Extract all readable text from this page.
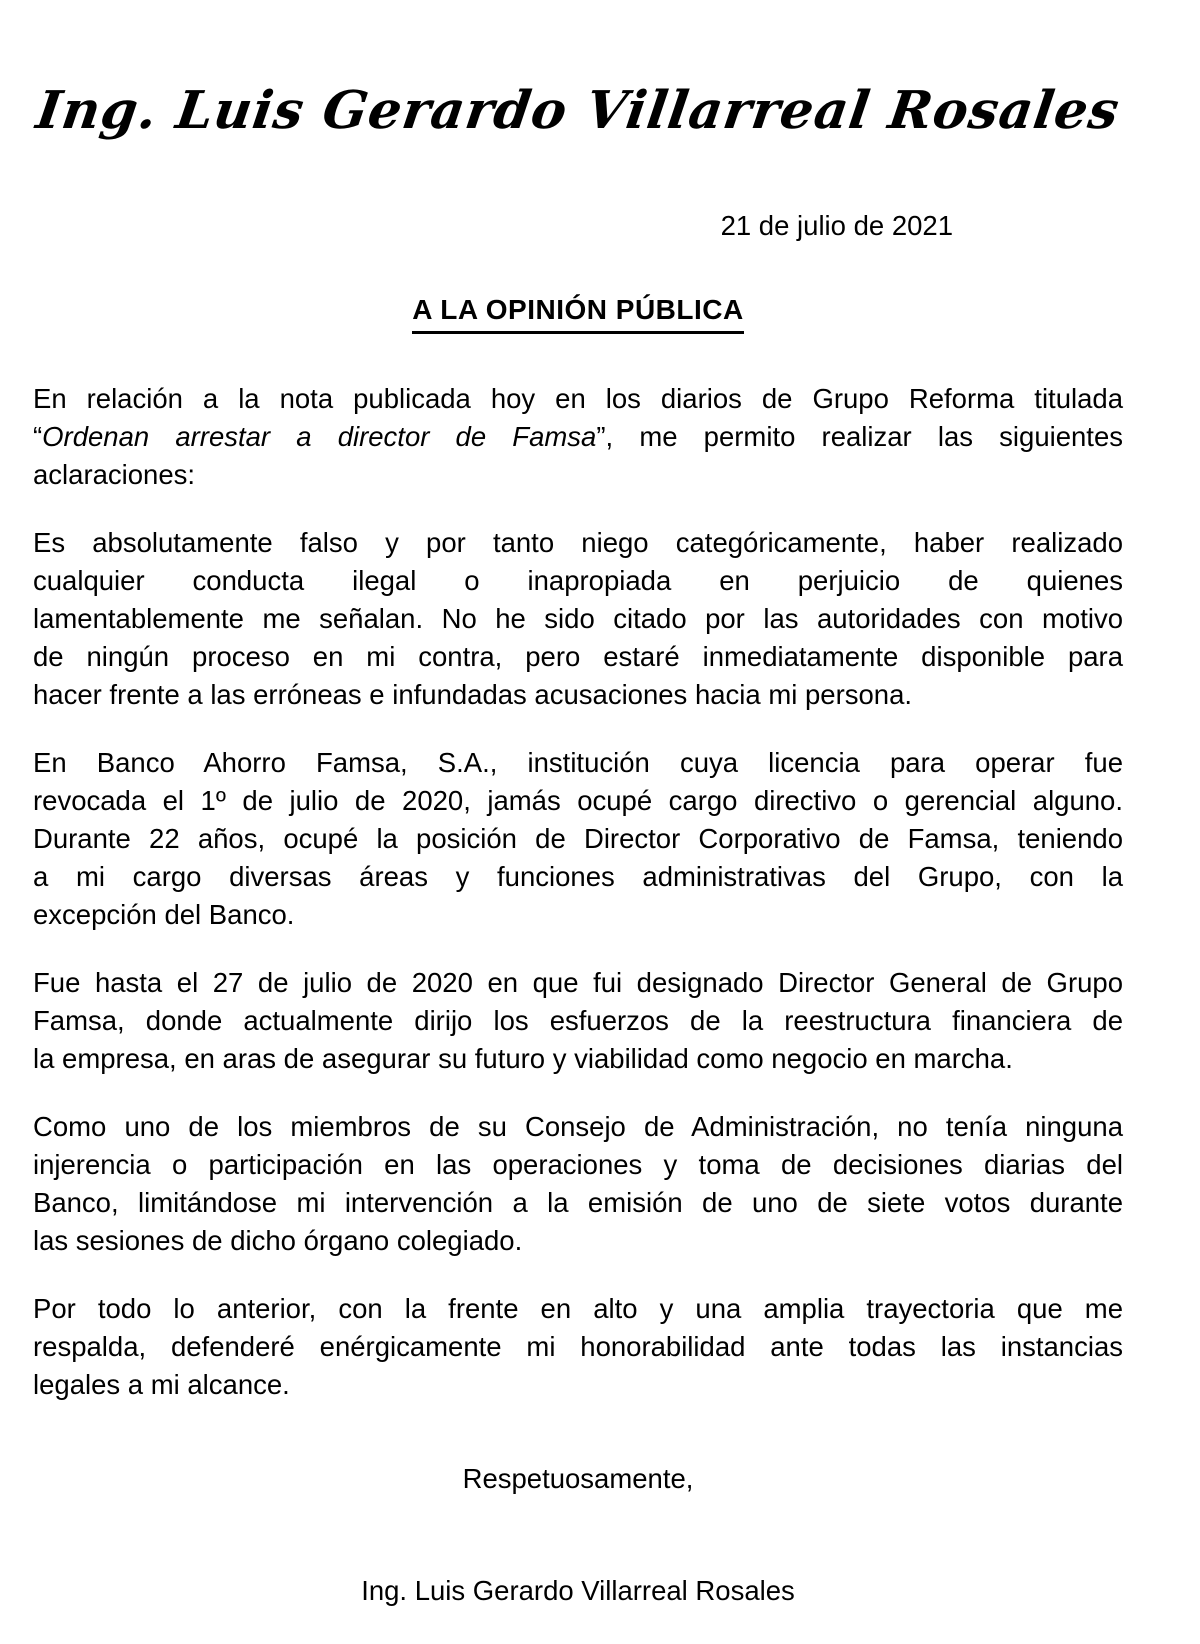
Ing. Luis Gerardo Villarreal Rosales
21 de julio de 2021
A LA OPINIÓN PÚBLICA
En relación a la nota publicada hoy en los diarios de Grupo Reforma titulada
“Ordenan arrestar a director de Famsa”, me permito realizar las siguientes
aclaraciones:
Es absolutamente falso y por tanto niego categóricamente, haber realizado
cualquier conducta ilegal o inapropiada en perjuicio de quienes
lamentablemente me señalan. No he sido citado por las autoridades con motivo
de ningún proceso en mi contra, pero estaré inmediatamente disponible para
hacer frente a las erróneas e infundadas acusaciones hacia mi persona.
En Banco Ahorro Famsa, S.A., institución cuya licencia para operar fue
revocada el 1º de julio de 2020, jamás ocupé cargo directivo o gerencial alguno.
Durante 22 años, ocupé la posición de Director Corporativo de Famsa, teniendo
a mi cargo diversas áreas y funciones administrativas del Grupo, con la
excepción del Banco.
Fue hasta el 27 de julio de 2020 en que fui designado Director General de Grupo
Famsa, donde actualmente dirijo los esfuerzos de la reestructura financiera de
la empresa, en aras de asegurar su futuro y viabilidad como negocio en marcha.
Como uno de los miembros de su Consejo de Administración, no tenía ninguna
injerencia o participación en las operaciones y toma de decisiones diarias del
Banco, limitándose mi intervención a la emisión de uno de siete votos durante
las sesiones de dicho órgano colegiado.
Por todo lo anterior, con la frente en alto y una amplia trayectoria que me
respalda, defenderé enérgicamente mi honorabilidad ante todas las instancias
legales a mi alcance.
Respetuosamente,
Ing. Luis Gerardo Villarreal Rosales
